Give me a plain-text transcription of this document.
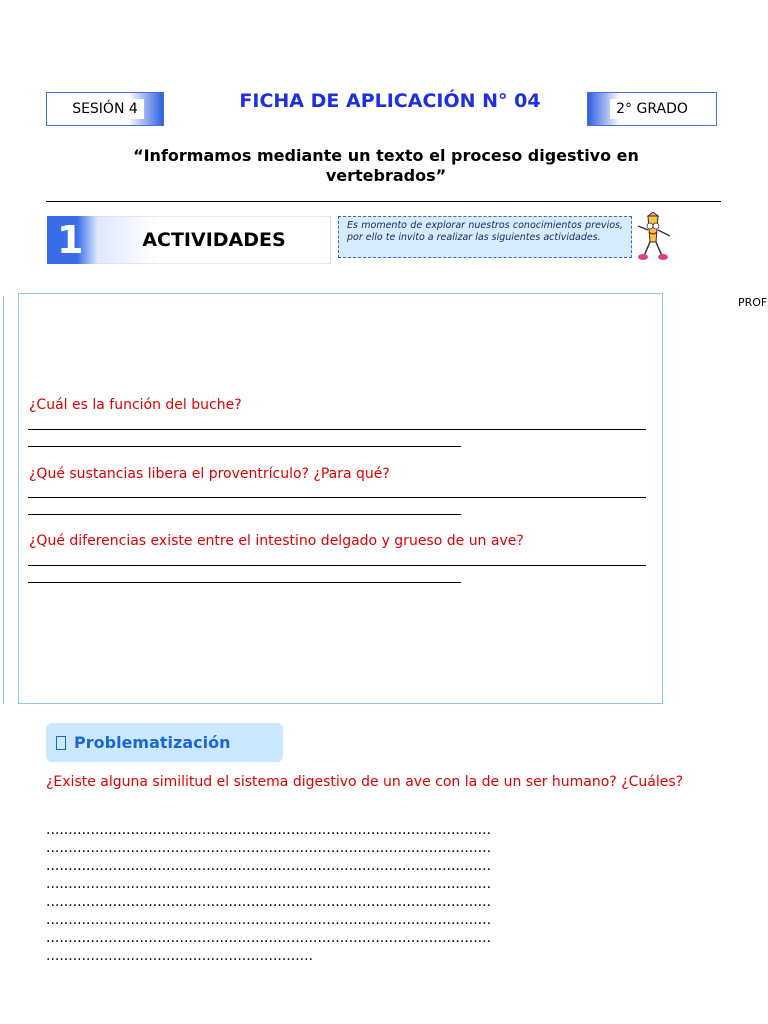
SESIÓN 4	FICHA DE APLICACIÓN N° 04	2° GRADO
“Informamos mediante un texto el proceso digestivo en vertebrados”
1	ACTIVIDADES
Es momento de explorar nuestros conocimientos previos, por ello te invito a realizar las siguientes actividades.
PROF
¿Cuál es la función del buche?
¿Qué sustancias libera el proventrículo? ¿Para qué?
¿Qué diferencias existe entre el intestino delgado y grueso de un ave?
Problematización
¿Existe alguna similitud el sistema digestivo de un ave con la de un ser humano? ¿Cuáles?
....................................................................................................
....................................................................................................
....................................................................................................
....................................................................................................
....................................................................................................
....................................................................................................
....................................................................................................
............................................................
